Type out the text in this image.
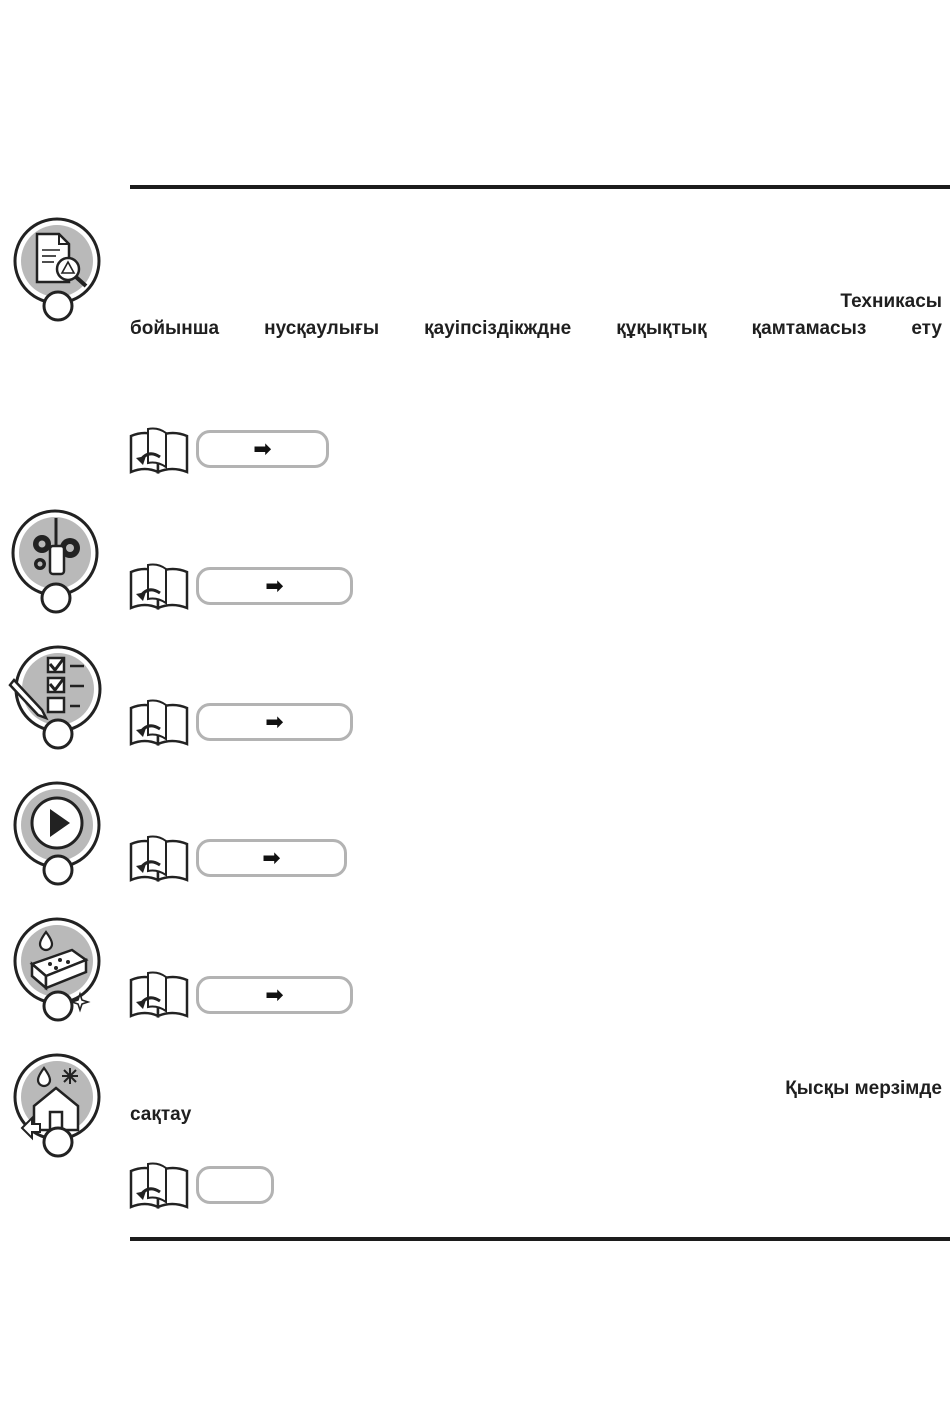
Техникасы
бойынша нусқаулығы қауіпсіздікждне құқықтық қамтамасыз ету
➡
➡
➡
➡
➡
Қысқы мерзімде
сақтау
